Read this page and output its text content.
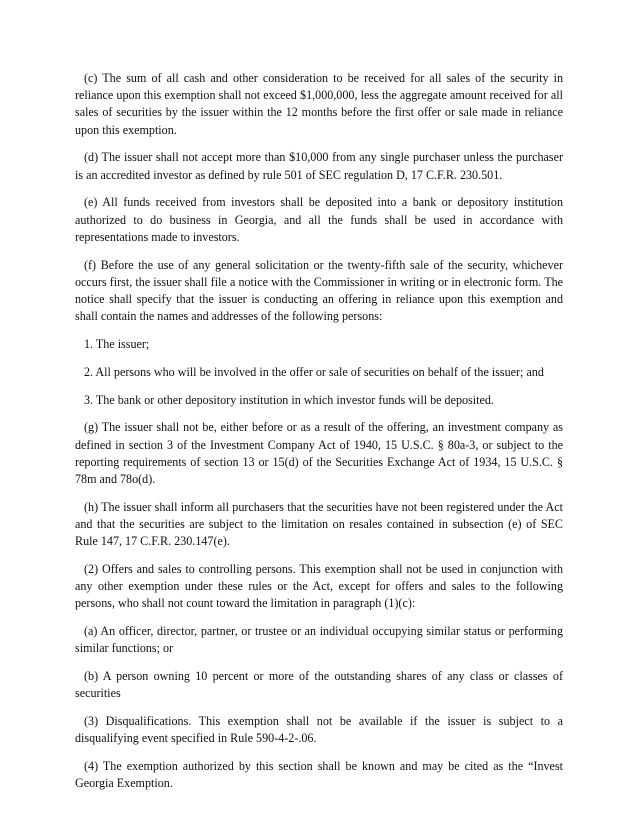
(c) The sum of all cash and other consideration to be received for all sales of the security in reliance upon this exemption shall not exceed $1,000,000, less the aggregate amount received for all sales of securities by the issuer within the 12 months before the first offer or sale made in reliance upon this exemption.

(d) The issuer shall not accept more than $10,000 from any single purchaser unless the purchaser is an accredited investor as defined by rule 501 of SEC regulation D, 17 C.F.R. 230.501.

(e) All funds received from investors shall be deposited into a bank or depository institution authorized to do business in Georgia, and all the funds shall be used in accordance with representations made to investors.

(f) Before the use of any general solicitation or the twenty-fifth sale of the security, whichever occurs first, the issuer shall file a notice with the Commissioner in writing or in electronic form. The notice shall specify that the issuer is conducting an offering in reliance upon this exemption and shall contain the names and addresses of the following persons:

1. The issuer;

2. All persons who will be involved in the offer or sale of securities on behalf of the issuer; and

3. The bank or other depository institution in which investor funds will be deposited.

(g) The issuer shall not be, either before or as a result of the offering, an investment company as defined in section 3 of the Investment Company Act of 1940, 15 U.S.C. § 80a-3, or subject to the reporting requirements of section 13 or 15(d) of the Securities Exchange Act of 1934, 15 U.S.C. § 78m and 78o(d).

(h) The issuer shall inform all purchasers that the securities have not been registered under the Act and that the securities are subject to the limitation on resales contained in subsection (e) of SEC Rule 147, 17 C.F.R. 230.147(e).

(2) Offers and sales to controlling persons. This exemption shall not be used in conjunction with any other exemption under these rules or the Act, except for offers and sales to the following persons, who shall not count toward the limitation in paragraph (1)(c):

(a) An officer, director, partner, or trustee or an individual occupying similar status or performing similar functions; or

(b) A person owning 10 percent or more of the outstanding shares of any class or classes of securities

(3) Disqualifications. This exemption shall not be available if the issuer is subject to a disqualifying event specified in Rule 590-4-2-.06.

(4) The exemption authorized by this section shall be known and may be cited as the “Invest Georgia Exemption.
